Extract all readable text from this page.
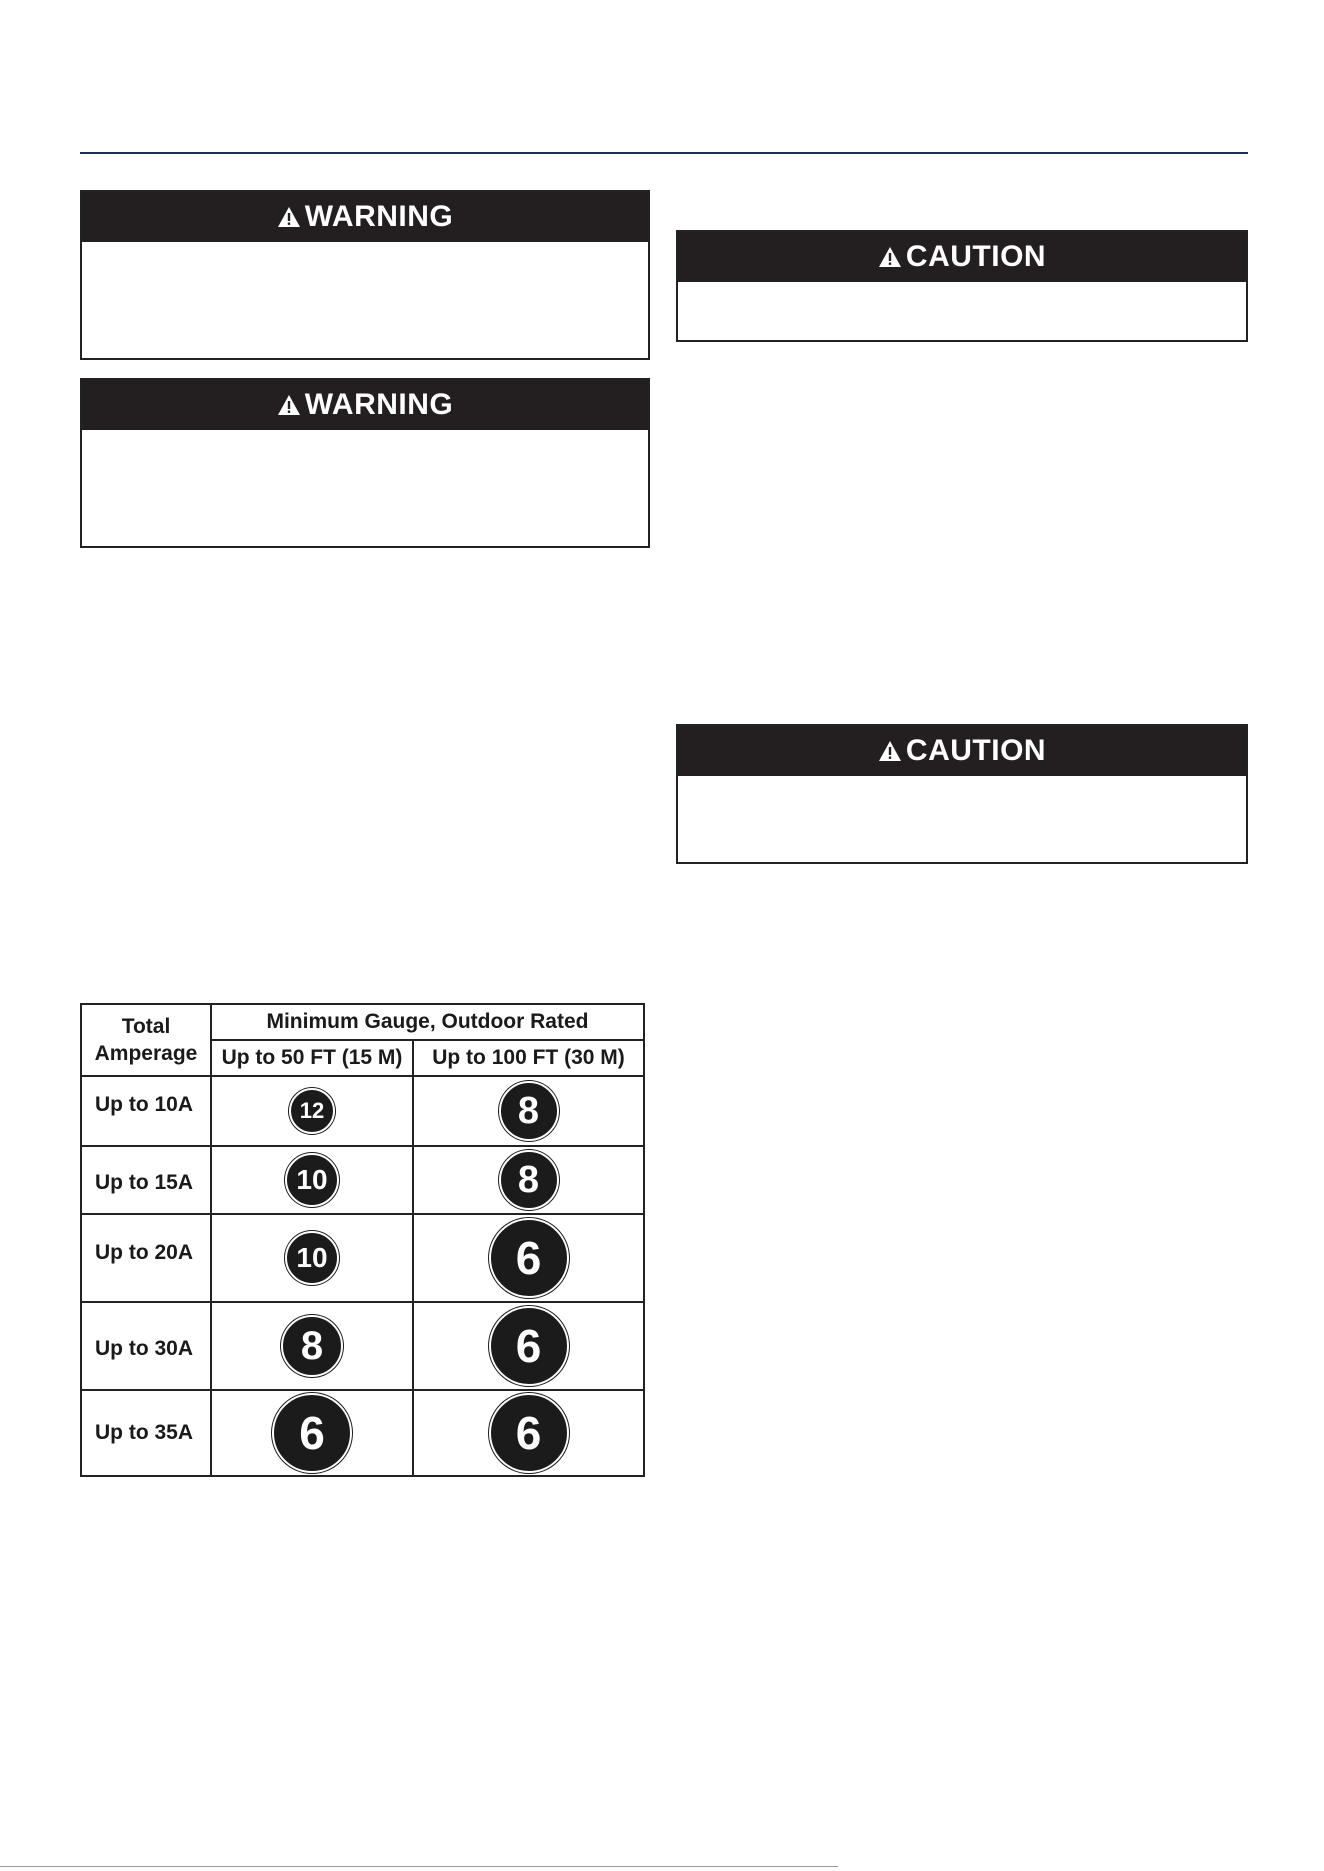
WARNING
WARNING
CAUTION
CAUTION
Total Amperage	Minimum Gauge, Outdoor Rated	
	Up to 50 FT (15 M)	Up to 100 FT (30 M)
Up to 10A	12	8
Up to 15A	10	8
Up to 20A	10	6
Up to 30A	8	6
Up to 35A	6	6
